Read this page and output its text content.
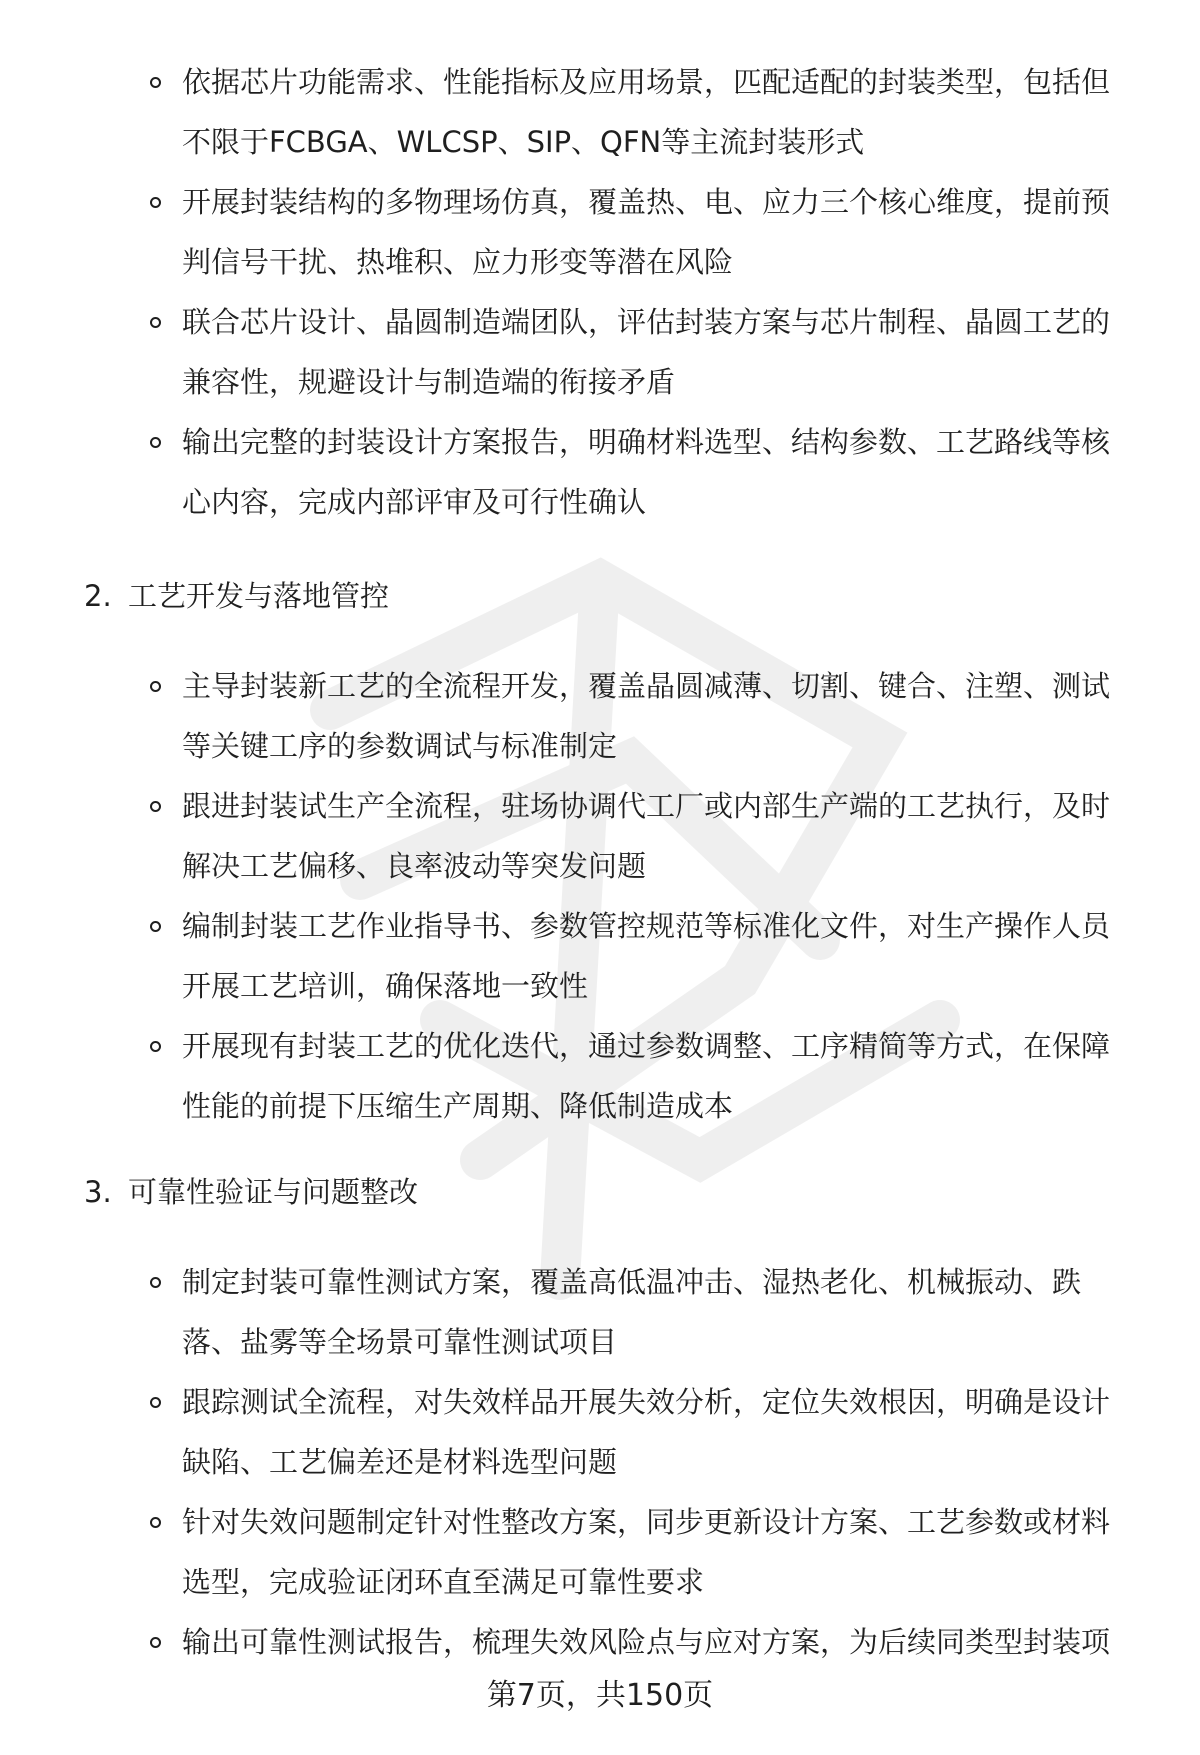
依据芯片功能需求、性能指标及应用场景，匹配适配的封装类型，包括但不限于FCBGA、WLCSP、SIP、QFN等主流封装形式
开展封装结构的多物理场仿真，覆盖热、电、应力三个核心维度，提前预判信号干扰、热堆积、应力形变等潜在风险
联合芯片设计、晶圆制造端团队，评估封装方案与芯片制程、晶圆工艺的兼容性，规避设计与制造端的衔接矛盾
输出完整的封装设计方案报告，明确材料选型、结构参数、工艺路线等核心内容，完成内部评审及可行性确认
2. 工艺开发与落地管控
主导封装新工艺的全流程开发，覆盖晶圆减薄、切割、键合、注塑、测试等关键工序的参数调试与标准制定
跟进封装试生产全流程，驻场协调代工厂或内部生产端的工艺执行，及时解决工艺偏移、良率波动等突发问题
编制封装工艺作业指导书、参数管控规范等标准化文件，对生产操作人员开展工艺培训，确保落地一致性
开展现有封装工艺的优化迭代，通过参数调整、工序精简等方式，在保障性能的前提下压缩生产周期、降低制造成本
3. 可靠性验证与问题整改
制定封装可靠性测试方案，覆盖高低温冲击、湿热老化、机械振动、跌落、盐雾等全场景可靠性测试项目
跟踪测试全流程，对失效样品开展失效分析，定位失效根因，明确是设计缺陷、工艺偏差还是材料选型问题
针对失效问题制定针对性整改方案，同步更新设计方案、工艺参数或材料选型，完成验证闭环直至满足可靠性要求
输出可靠性测试报告，梳理失效风险点与应对方案，为后续同类型封装项
第7页，共150页
